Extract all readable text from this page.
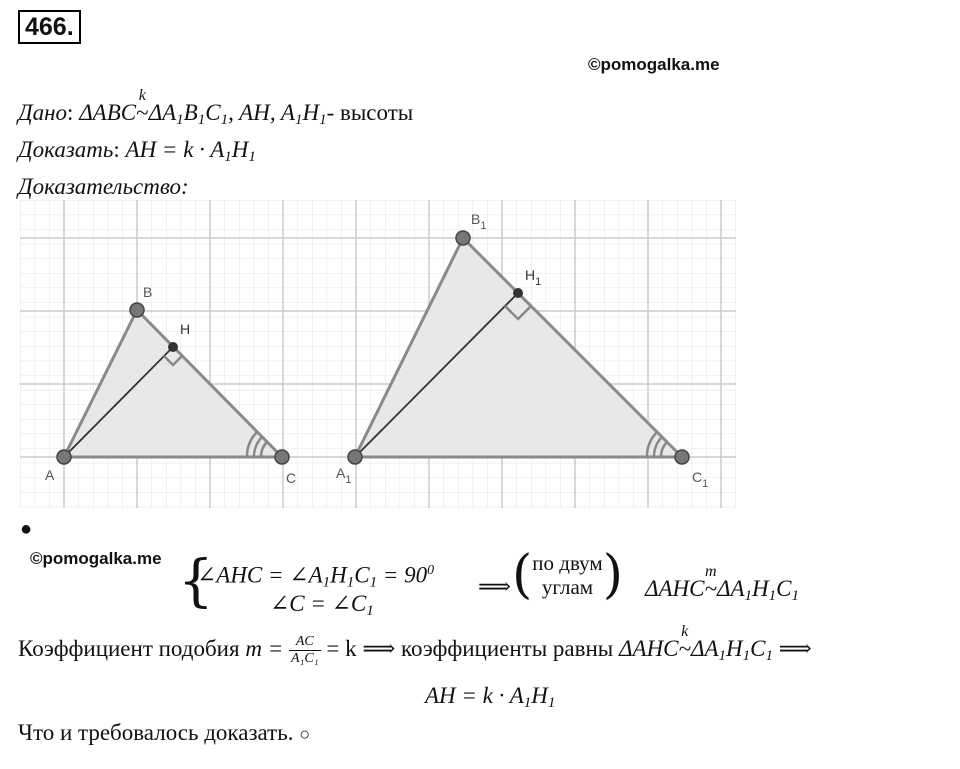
466.
©pomogalka.me
Дано: ΔABC
k
$\sim\Delta A_1B_1C_1$, AH, $A_1H_1-$ высоты
Доказать: AH = $k \cdot A_1H_1$
Доказательство:
A
B
C
H
$A_1$
$B_1$
$C_1$
$H_1$
●
©pomogalka.me {
∠AHC = $\angle A_1H_1C_1 = 90^0$
∠C = $\angle C_1$
⟹ ( по двум
углам ) ΔAHC
m
$\sim\Delta A_1H_1C_1$
Коэффициент подобия $m = \frac{AC}{\text{A₁C₁}} = k$ ⟹ коэффициенты равны ΔAHC
k
$\sim\Delta A_1H_1C_1$ ⟹
AH = $k \cdot A_1H_1$
Что и требовалось доказать. ○
